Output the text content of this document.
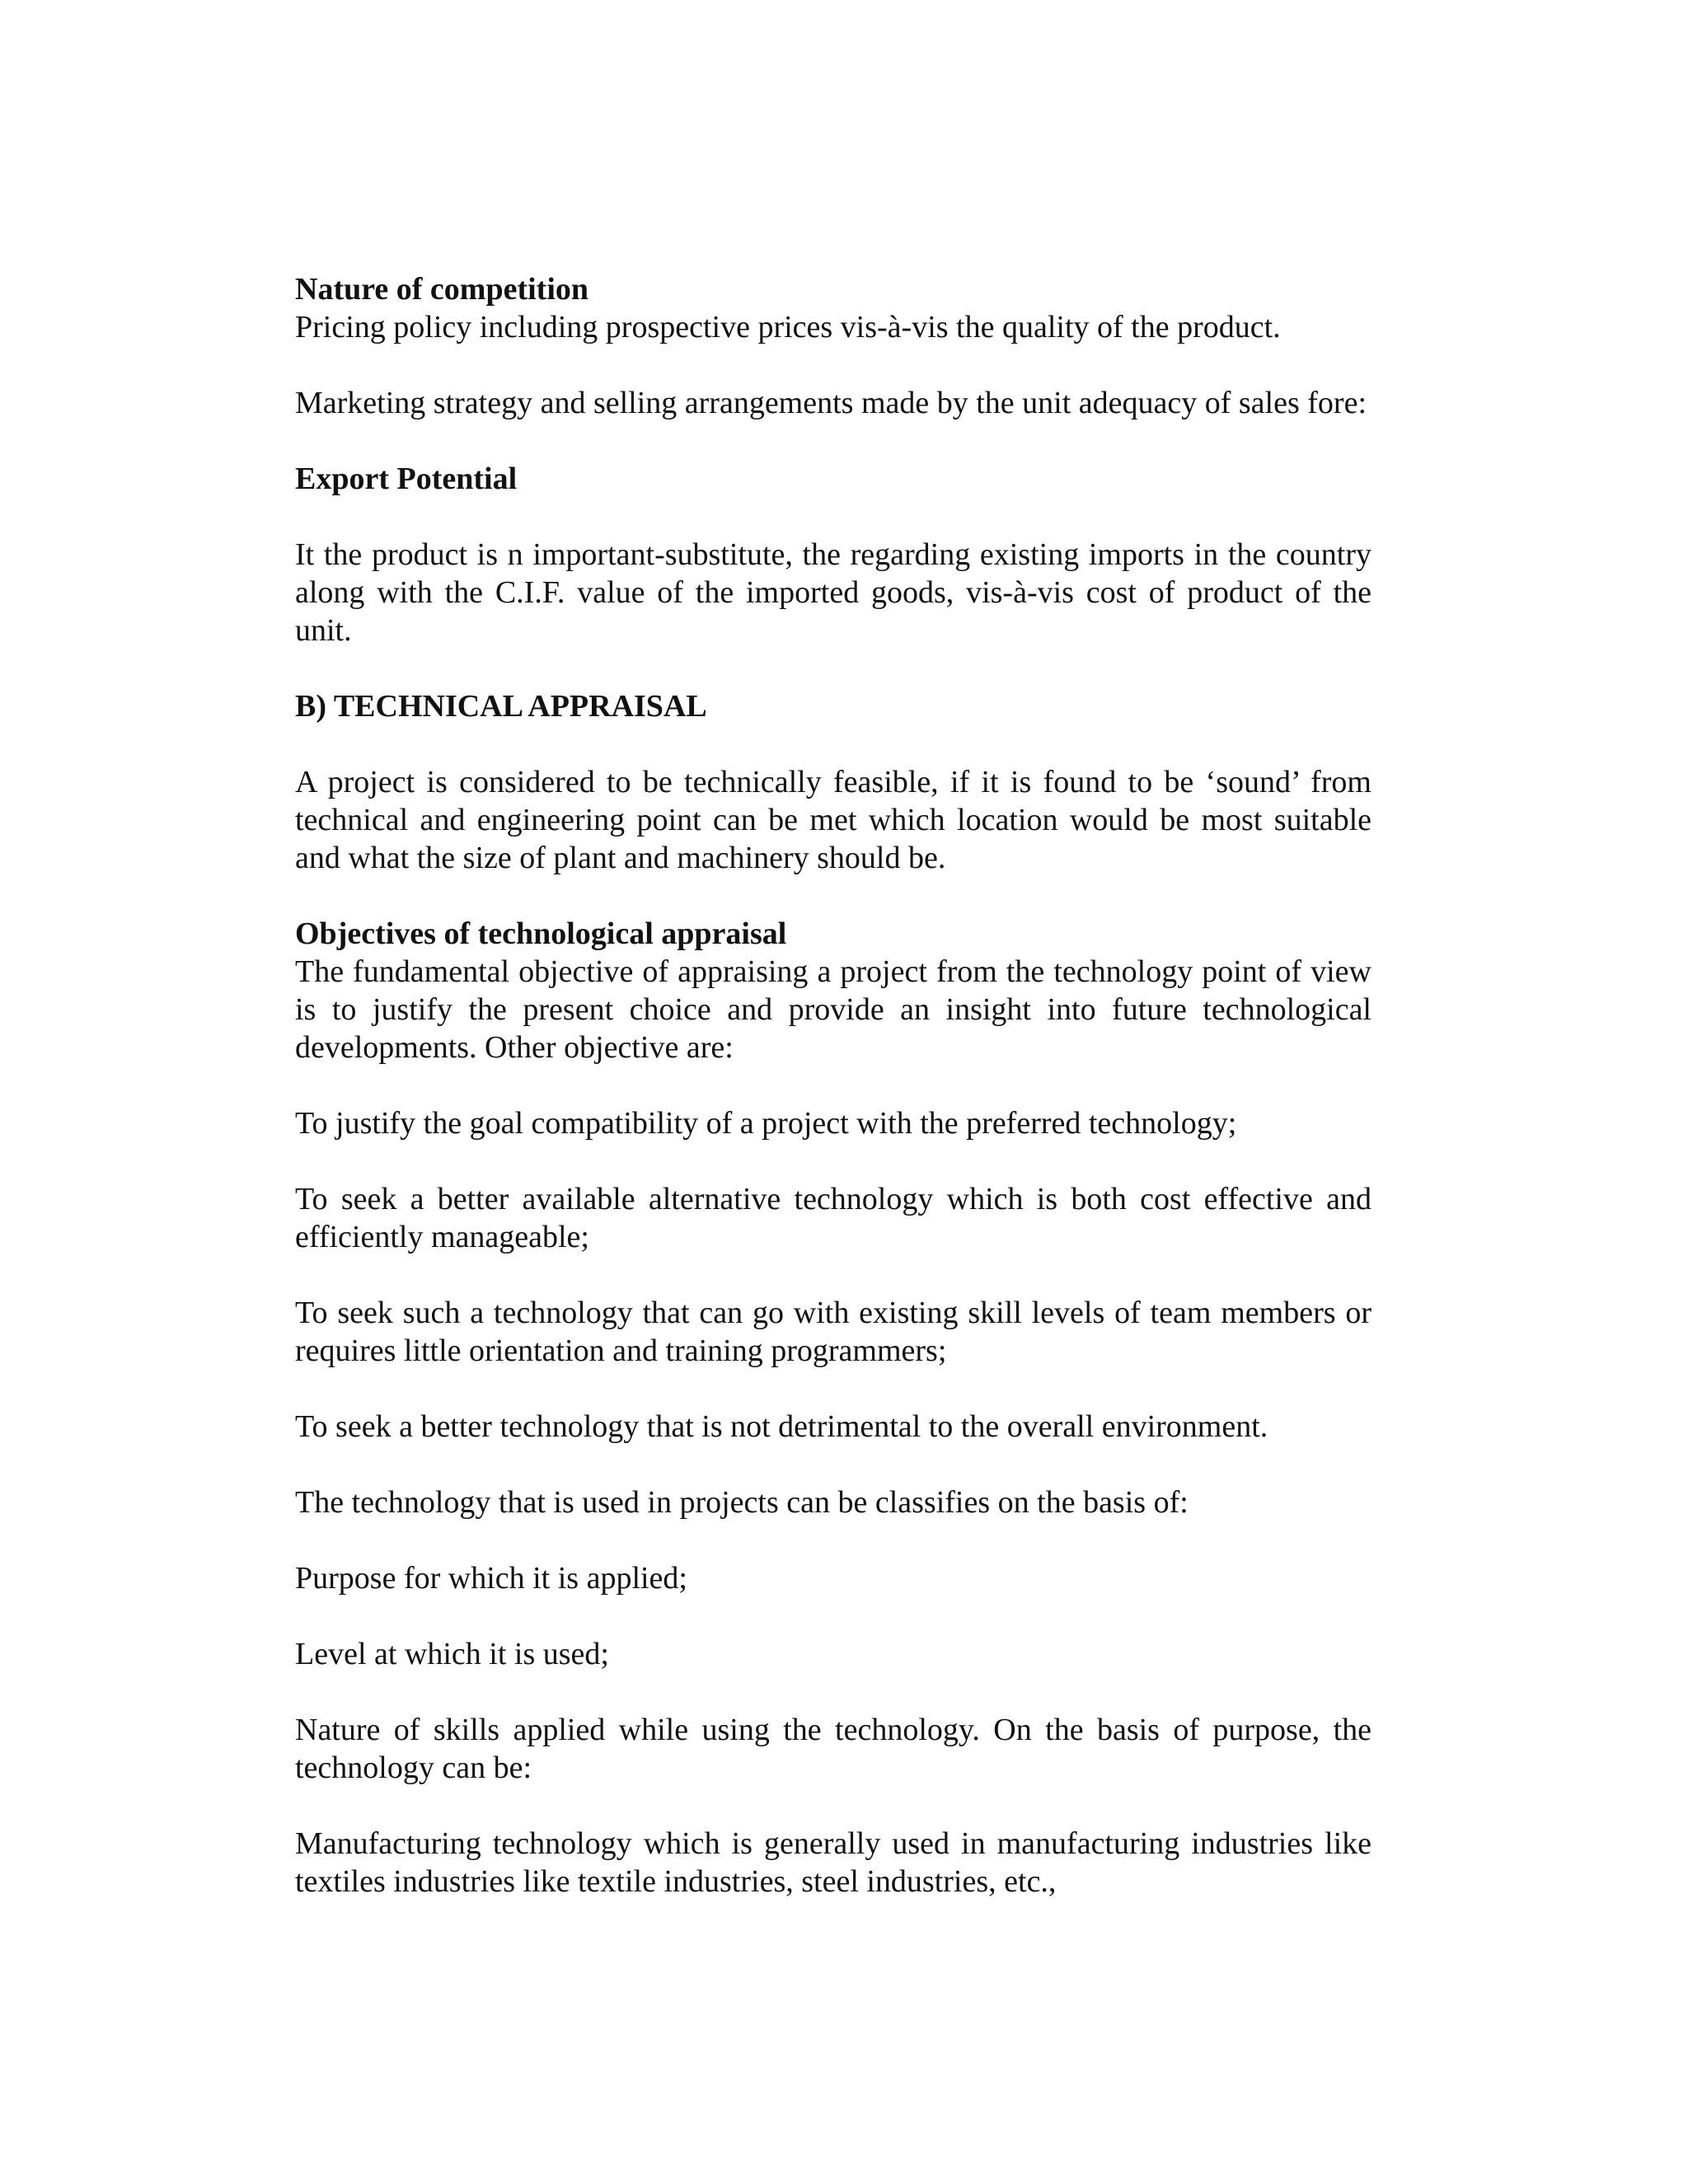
Nature of competition

Pricing policy including prospective prices vis-à-vis the quality of the product.

Marketing strategy and selling arrangements made by the unit adequacy of sales fore:

Export Potential

It the product is n important-substitute, the regarding existing imports in the country along with the C.I.F. value of the imported goods, vis-à-vis cost of product of the unit.

B) TECHNICAL APPRAISAL

A project is considered to be technically feasible, if it is found to be ‘sound’ from technical and engineering point can be met which location would be most suitable and what the size of plant and machinery should be.

Objectives of technological appraisal

The fundamental objective of appraising a project from the technology point of view is to justify the present choice and provide an insight into future technological developments. Other objective are:

To justify the goal compatibility of a project with the preferred technology;

To seek a better available alternative technology which is both cost effective and efficiently manageable;

To seek such a technology that can go with existing skill levels of team members or requires little orientation and training programmers;

To seek a better technology that is not detrimental to the overall environment.

The technology that is used in projects can be classifies on the basis of:

Purpose for which it is applied;

Level at which it is used;

Nature of skills applied while using the technology. On the basis of purpose, the technology can be:

Manufacturing technology which is generally used in manufacturing industries like textiles industries like textile industries, steel industries, etc.,
